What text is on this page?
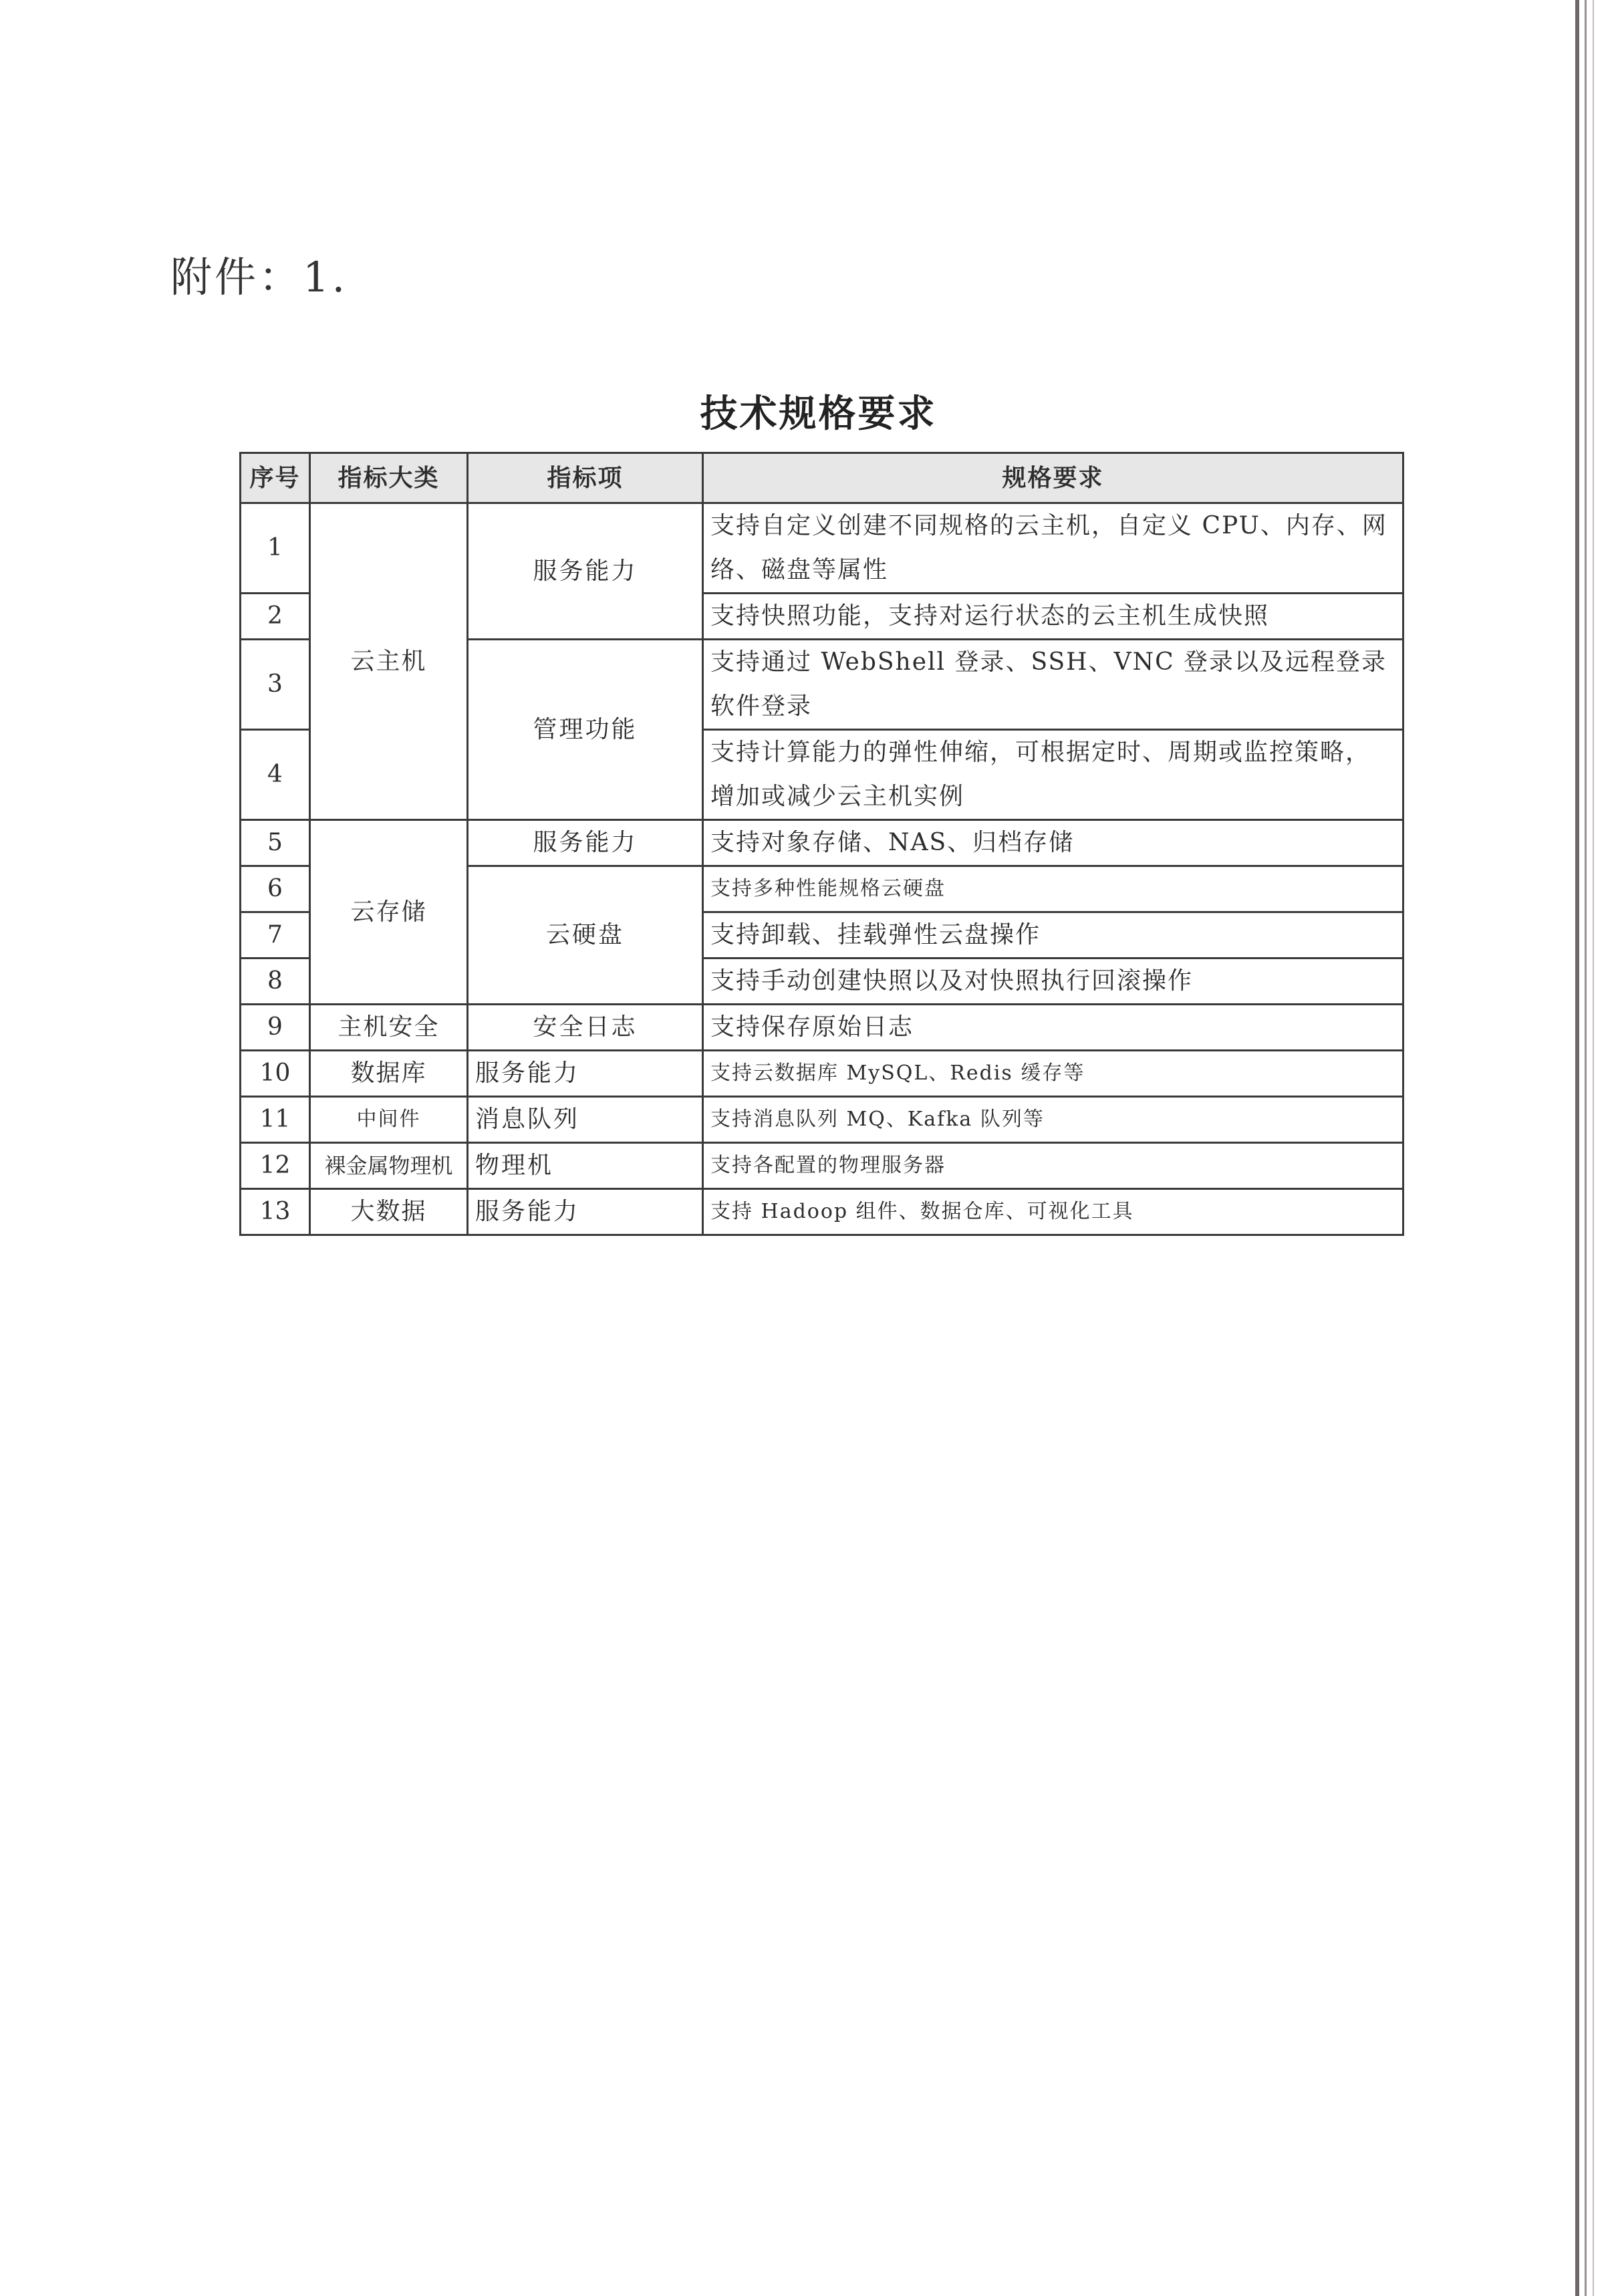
附件：1.
技术规格要求
序号	指标大类	指标项	规格要求
1	云主机	服务能力	支持自定义创建不同规格的云主机，自定义 CPU、内存、网络、磁盘等属性
2			支持快照功能，支持对运行状态的云主机生成快照
3		管理功能	支持通过 WebShell 登录、SSH、VNC 登录以及远程登录软件登录
4			支持计算能力的弹性伸缩，可根据定时、周期或监控策略，增加或减少云主机实例
5	云存储	服务能力	支持对象存储、NAS、归档存储
6		云硬盘	支持多种性能规格云硬盘
7			支持卸载、挂载弹性云盘操作
8			支持手动创建快照以及对快照执行回滚操作
9	主机安全	安全日志	支持保存原始日志
10	数据库	服务能力	支持云数据库 MySQL、Redis 缓存等
11	中间件	消息队列	支持消息队列 MQ、Kafka 队列等
12	裸金属物理机	物理机	支持各配置的物理服务器
13	大数据	服务能力	支持 Hadoop 组件、数据仓库、可视化工具
